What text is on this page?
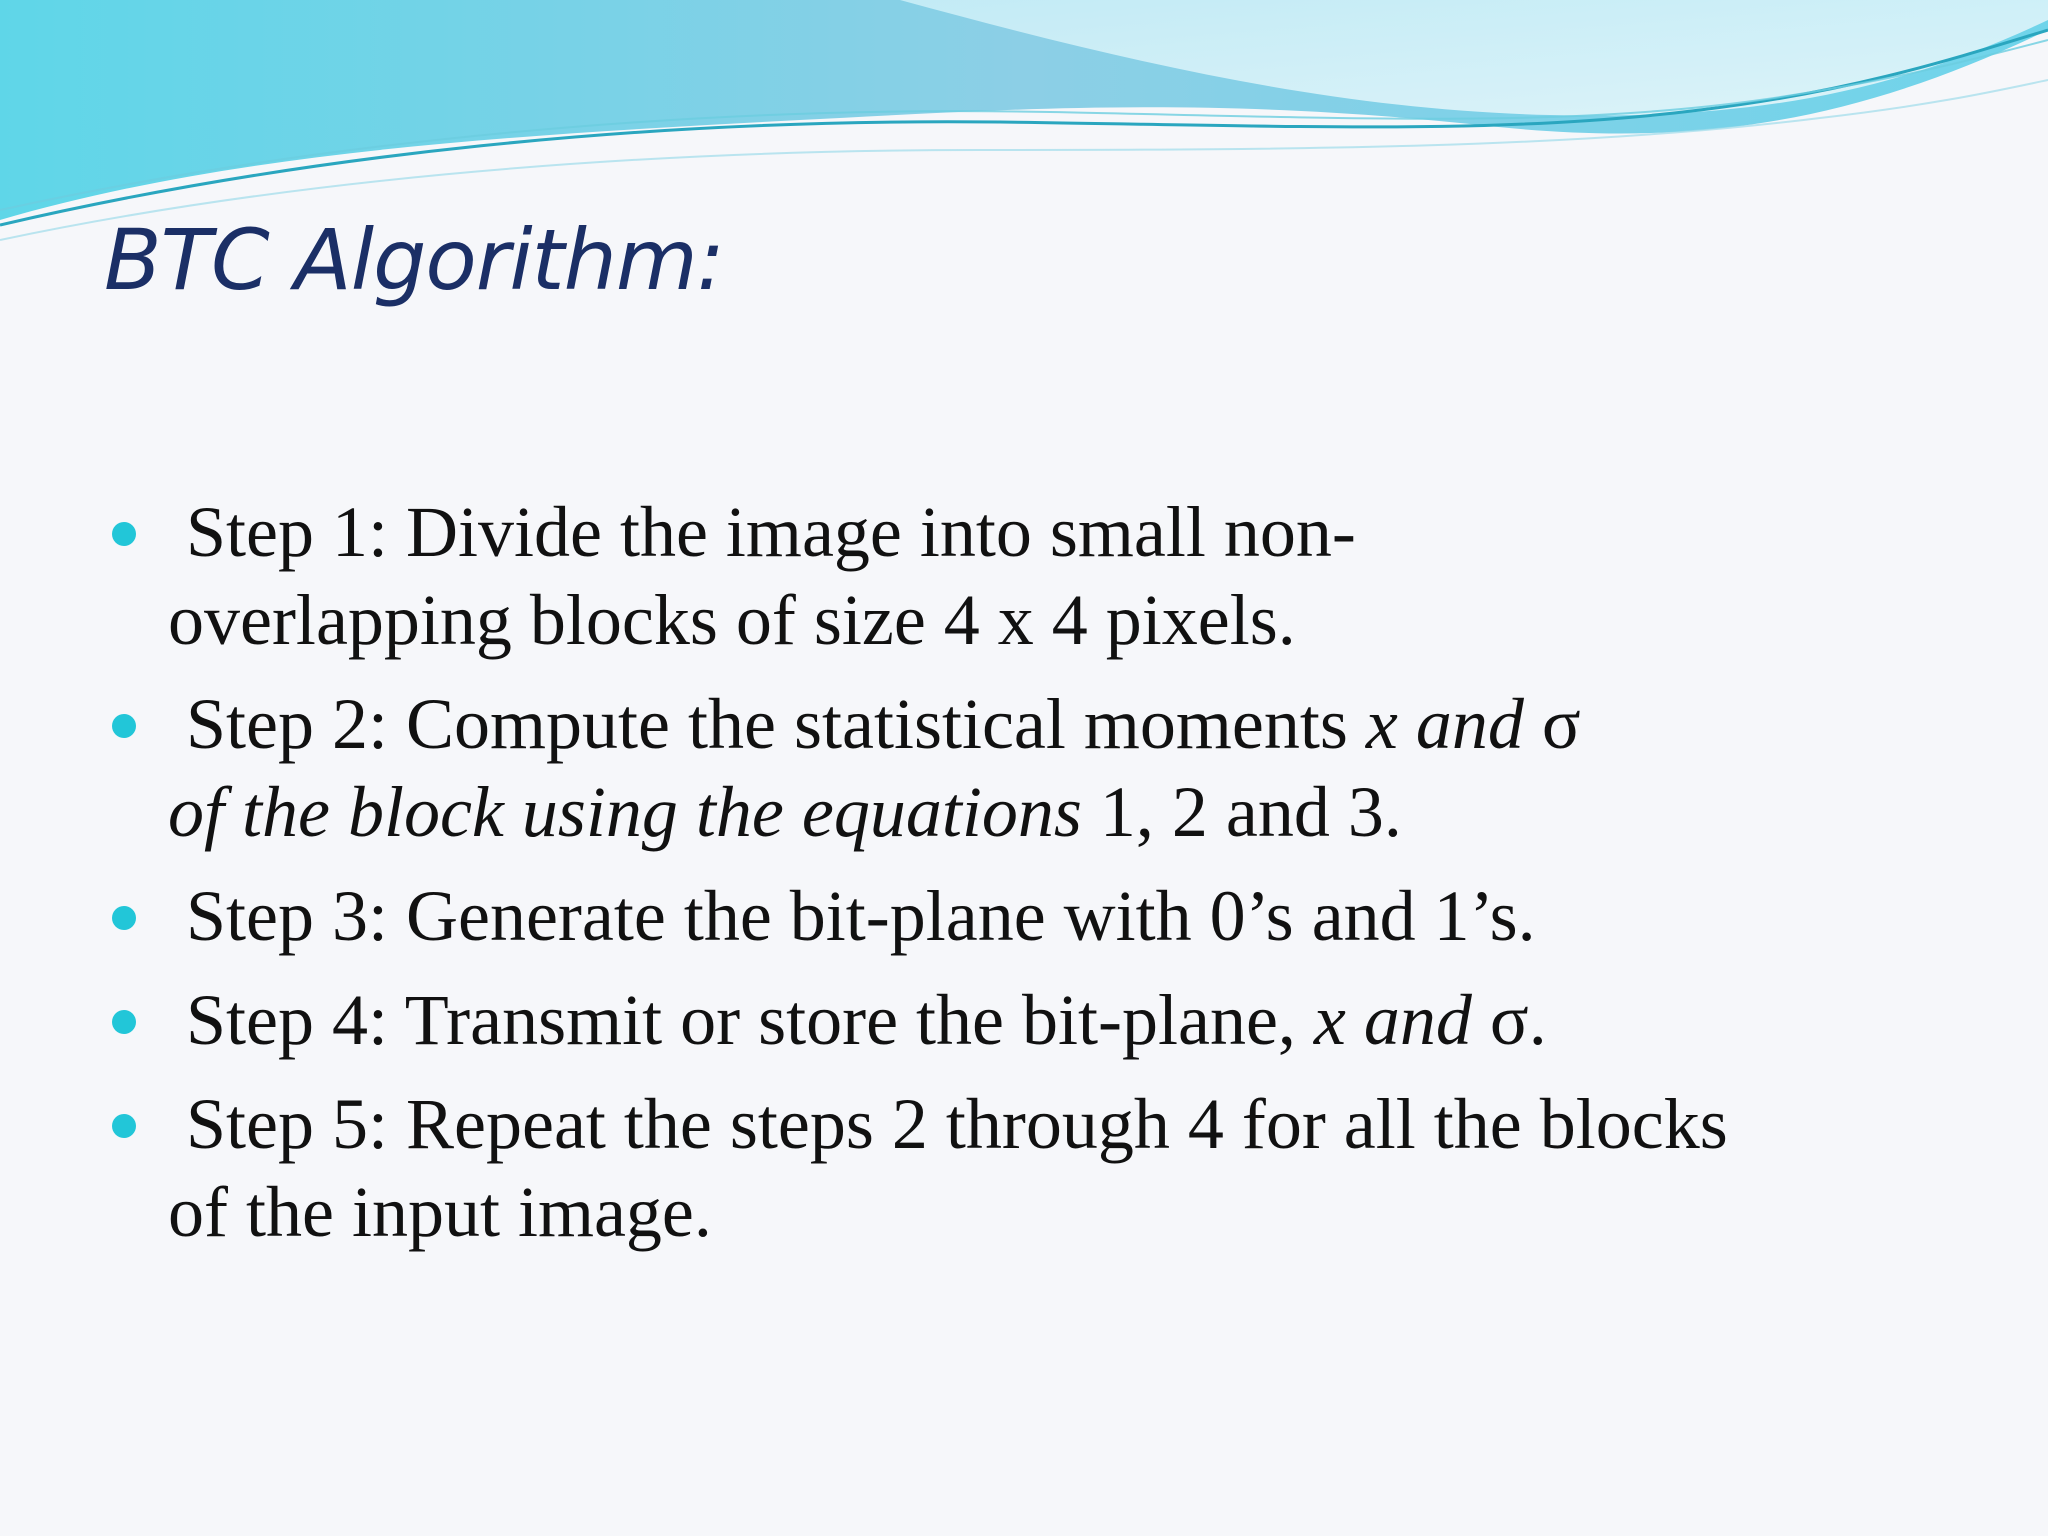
BTC Algorithm:
Step 1: Divide the image into small non-
overlapping blocks of size 4 x 4 pixels.
Step 2: Compute the statistical moments x and σ
of the block using the equations 1, 2 and 3.
Step 3: Generate the bit-plane with 0’s and 1’s.
Step 4: Transmit or store the bit-plane, x and σ.
Step 5: Repeat the steps 2 through 4 for all the blocks
of the input image.
